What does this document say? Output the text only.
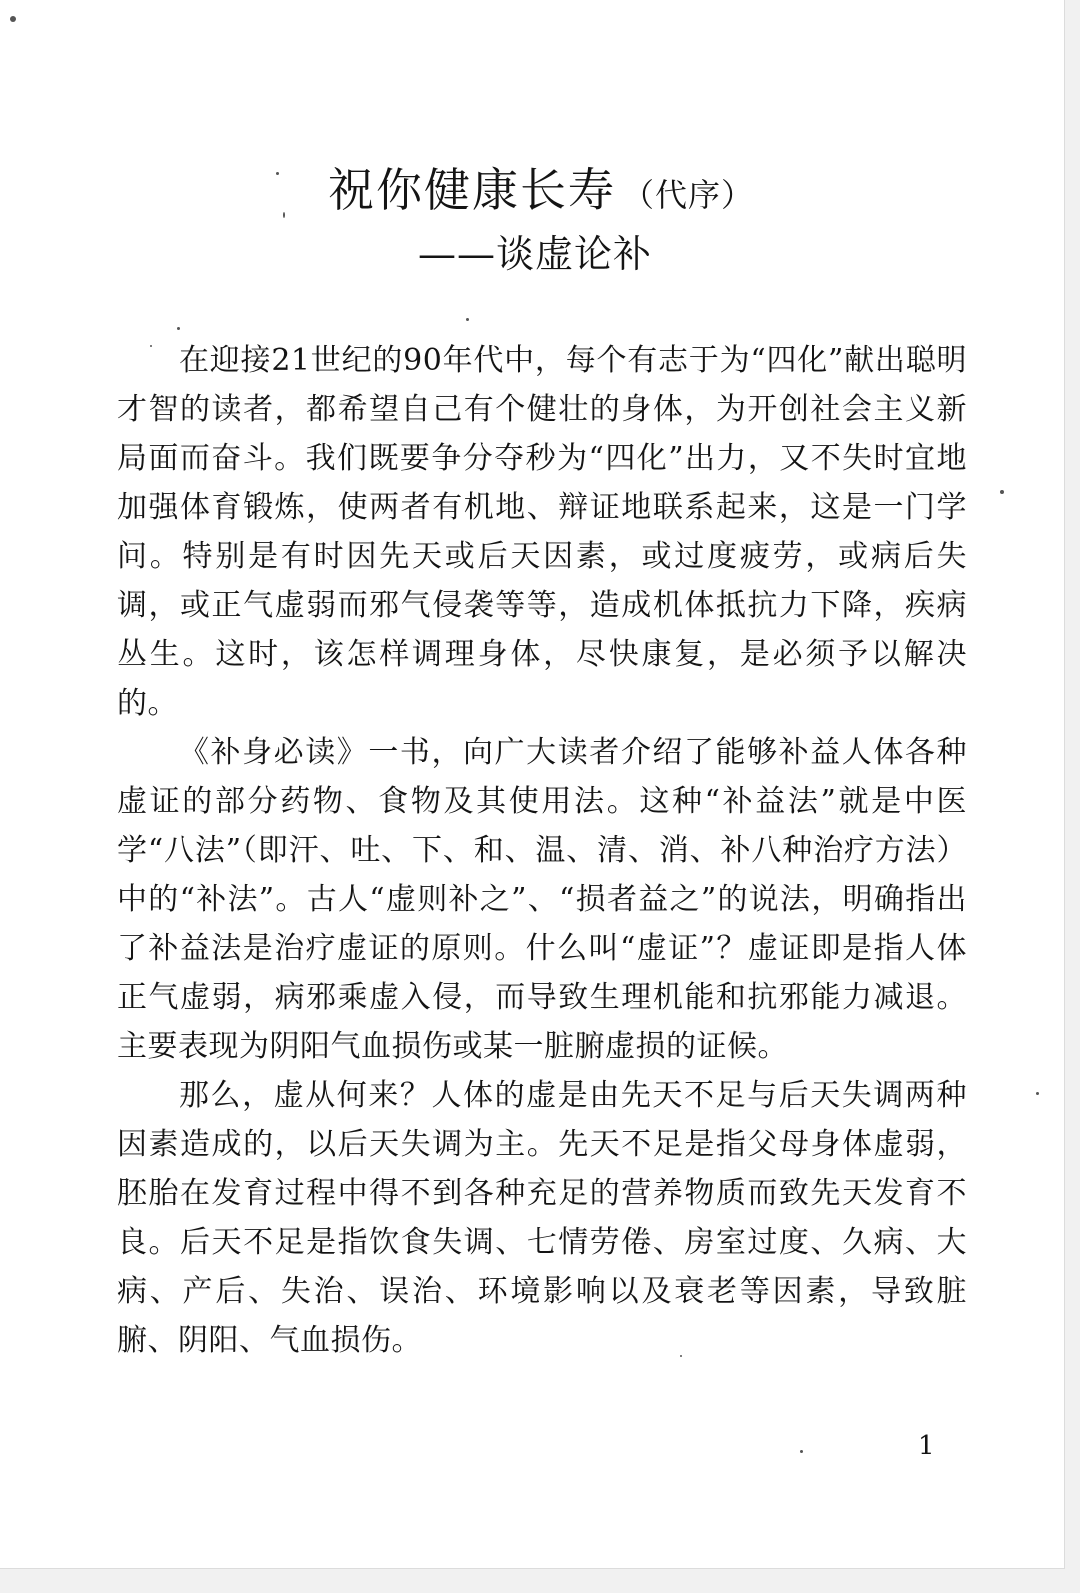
祝你健康长寿 （代序）
——谈虚论补

在迎接21世纪的90年代中，每个有志于为“四化”献出聪明才智的读者，都希望自己有个健壮的身体，为开创社会主义新局面而奋斗。我们既要争分夺秒为“四化”出力，又不失时宜地加强体育锻炼，使两者有机地、辩证地联系起来，这是一门学问。特别是有时因先天或后天因素，或过度疲劳，或病后失调，或正气虚弱而邪气侵袭等等，造成机体抵抗力下降，疾病丛生。这时，该怎样调理身体，尽快康复，是必须予以解决的。

《补身必读》一书，向广大读者介绍了能够补益人体各种虚证的部分药物、食物及其使用法。这种“补益法”就是中医学“八法”（即汗、吐、下、和、温、清、消、补八种治疗方法）中的“补法”。古人“虚则补之”、“损者益之”的说法，明确指出了补益法是治疗虚证的原则。什么叫“虚证”？虚证即是指人体正气虚弱，病邪乘虚入侵，而导致生理机能和抗邪能力减退。主要表现为阴阳气血损伤或某一脏腑虚损的证候。

那么，虚从何来？人体的虚是由先天不足与后天失调两种因素造成的，以后天失调为主。先天不足是指父母身体虚弱，胚胎在发育过程中得不到各种充足的营养物质而致先天发育不良。后天不足是指饮食失调、七情劳倦、房室过度、久病、大病、产后、失治、误治、环境影响以及衰老等因素，导致脏腑、阴阳、气血损伤。

1
